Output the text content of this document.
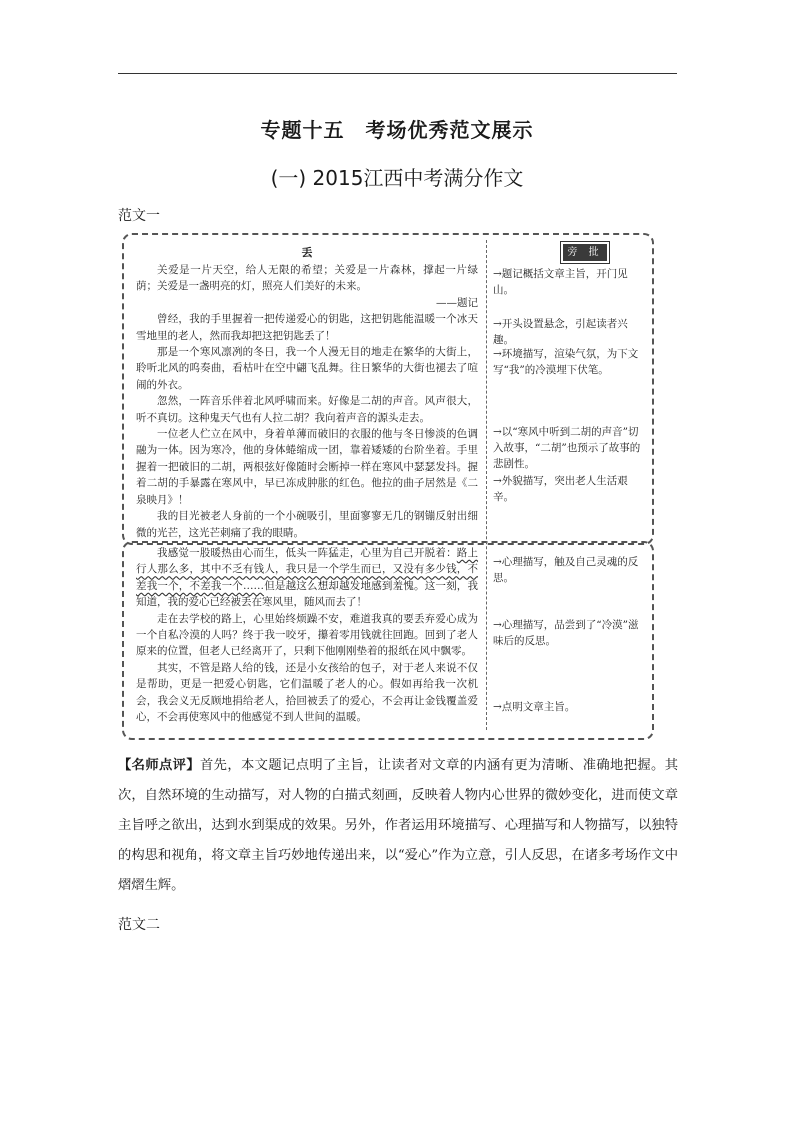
专题十五　考场优秀范文展示
(一) 2015江西中考满分作文
范文一

丢

关爱是一片天空，给人无限的希望；关爱是一片森林，撑起一片绿荫；关爱是一盏明亮的灯，照亮人们美好的未来。

——题记

曾经，我的手里握着一把传递爱心的钥匙，这把钥匙能温暖一个冰天雪地里的老人，然而我却把这把钥匙丢了！

那是一个寒风凛冽的冬日，我一个人漫无目的地走在繁华的大街上，聆听北风的呜奏曲，看枯叶在空中翩飞乱舞。往日繁华的大街也褪去了喧闹的外衣。

忽然，一阵音乐伴着北风呼啸而来。好像是二胡的声音。风声很大，听不真切。这种鬼天气也有人拉二胡？我向着声音的源头走去。

一位老人伫立在风中，身着单薄而破旧的衣服的他与冬日惨淡的色调融为一体。因为寒冷，他的身体蜷缩成一团，靠着矮矮的台阶坐着。手里握着一把破旧的二胡，两根弦好像随时会断掉一样在寒风中瑟瑟发抖。握着二胡的手暴露在寒风中，早已冻成肿胀的红色。他拉的曲子居然是《二泉映月》！

我的目光被老人身前的一个小碗吸引，里面寥寥无几的钢镚反射出细微的光芒，这光芒刺痛了我的眼睛。

我感觉一股暖热由心而生，低头一阵猛走，心里为自己开脱着：路上行人那么多，其中不乏有钱人，我只是一个学生而已，又没有多少钱，不差我一个，不差我一个……但是越这么想却越发地感到羞愧。这一刻，我知道，我的爱心已经被丢在寒风里，随风而去了！

走在去学校的路上，心里始终烦躁不安，难道我真的要丢弃爱心成为一个自私冷漠的人吗？终于我一咬牙，攥着零用钱就往回跑。回到了老人原来的位置，但老人已经离开了，只剩下他刚刚垫着的报纸在风中飘零。

其实，不管是路人给的钱，还是小女孩给的包子，对于老人来说不仅是帮助，更是一把爱心钥匙，它们温暖了老人的心。假如再给我一次机会，我会义无反顾地捐给老人，拾回被丢了的爱心，不会再让金钱覆盖爱心，不会再使寒风中的他感觉不到人世间的温暖。

旁 批
→题记概括文章主旨，开门见山。
→开头设置悬念，引起读者兴趣。
→环境描写，渲染气氛，为下文写“我”的冷漠埋下伏笔。
→以“寒风中听到二胡的声音”切入故事，“二胡”也预示了故事的悲剧性。
→外貌描写，突出老人生活艰辛。
→心理描写，触及自己灵魂的反思。
→心理描写，品尝到了“冷漠”滋味后的反思。
→点明文章主旨。
【名师点评】首先，本文题记点明了主旨，让读者对文章的内涵有更为清晰、准确地把握。其次，自然环境的生动描写，对人物的白描式刻画，反映着人物内心世界的微妙变化，进而使文章主旨呼之欲出，达到水到渠成的效果。另外，作者运用环境描写、心理描写和人物描写，以独特的构思和视角，将文章主旨巧妙地传递出来，以“爱心”作为立意，引人反思，在诸多考场作文中熠熠生辉。
范文二
